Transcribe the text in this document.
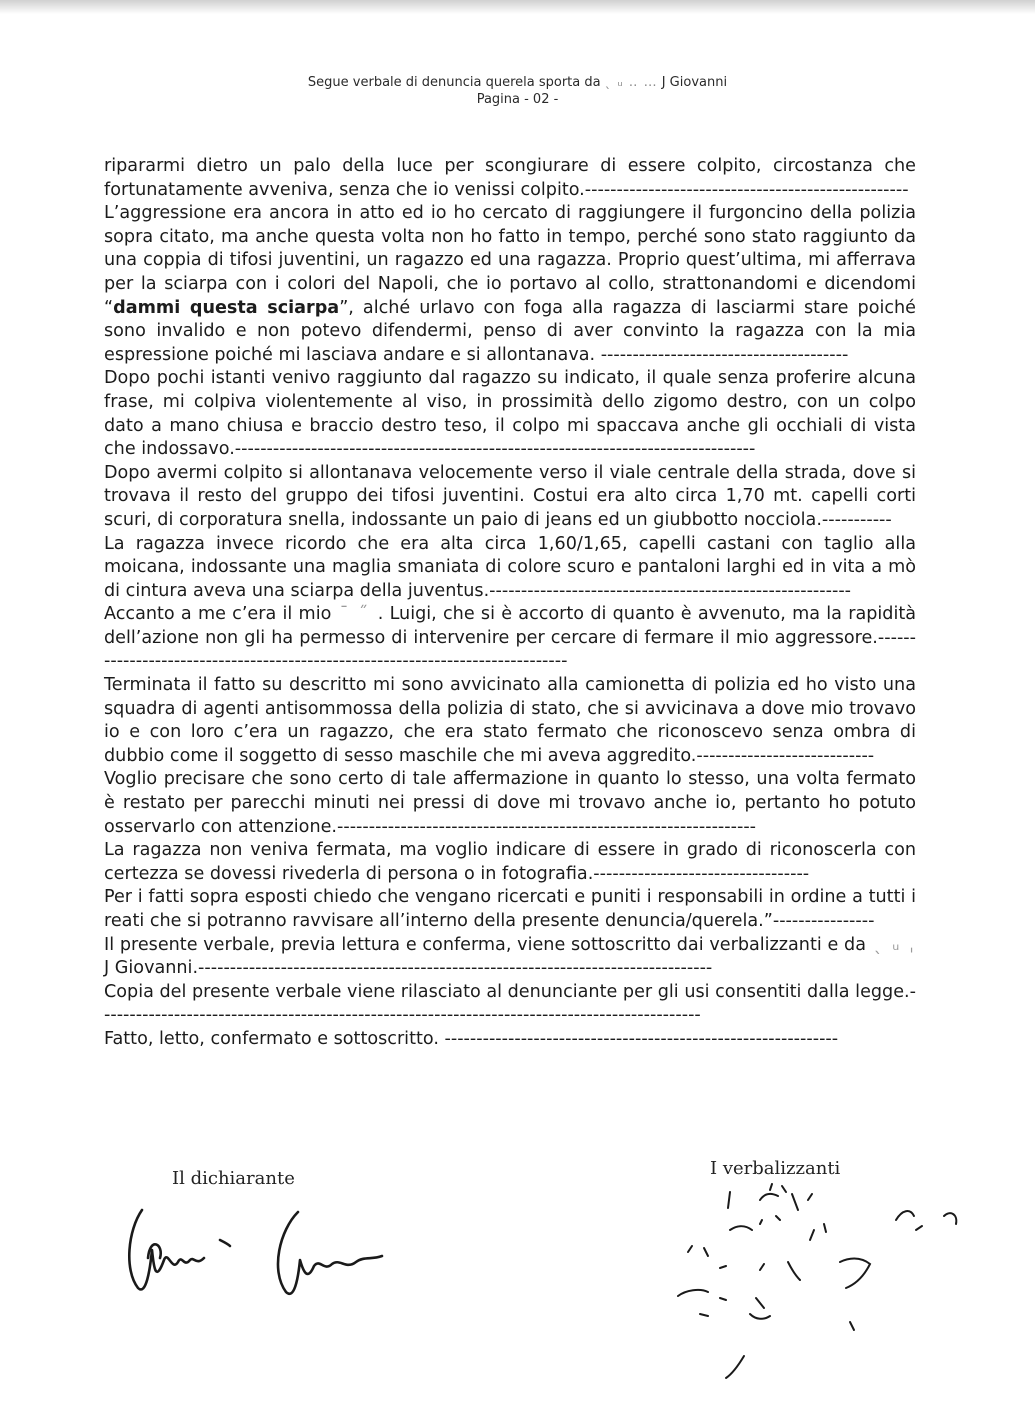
Segue verbale di denuncia querela sporta da ˎ ᵤ ‥ … J Giovanni
Pagina - 02 -

ripararmi dietro un palo della luce per scongiurare di essere colpito, circostanza che fortunatamente avveniva, senza che io venissi colpito.---------------------------------------------------

L’aggressione era ancora in atto ed io ho cercato di raggiungere il furgoncino della polizia sopra citato, ma anche questa volta non ho fatto in tempo, perché sono stato raggiunto da una coppia di tifosi juventini, un ragazzo ed una ragazza. Proprio quest’ultima, mi afferrava per la sciarpa con i colori del Napoli, che io portavo al collo, strattonandomi e dicendomi “dammi questa sciarpa”, alché urlavo con foga alla ragazza di lasciarmi stare poiché sono invalido e non potevo difendermi, penso di aver convinto la ragazza con la mia espressione poiché mi lasciava andare e si allontanava. ---------------------------------------

Dopo pochi istanti venivo raggiunto dal ragazzo su indicato, il quale senza proferire alcuna frase, mi colpiva violentemente al viso, in prossimità dello zigomo destro, con un colpo dato a mano chiusa e braccio destro teso, il colpo mi spaccava anche gli occhiali di vista che indossavo.----------------------------------------------------------------------------------

Dopo avermi colpito si allontanava velocemente verso il viale centrale della strada, dove si trovava il resto del gruppo dei tifosi juventini. Costui era alto circa 1,70 mt. capelli corti scuri, di corporatura snella, indossante un paio di jeans ed un giubbotto nocciola.-----------

La ragazza invece ricordo che era alta circa 1,60/1,65, capelli castani con taglio alla moicana, indossante una maglia smaniata di colore scuro e pantaloni larghi ed in vita a mò di cintura aveva una sciarpa della juventus.---------------------------------------------------------

Accanto a me c’era il mio ˉ ˝ . Luigi, che si è accorto di quanto è avvenuto, ma la rapidità dell’azione non gli ha permesso di intervenire per cercare di fermare il mio aggressore.-------------------------------------------------------------------------------

Terminata il fatto su descritto mi sono avvicinato alla camionetta di polizia ed ho visto una squadra di agenti antisommossa della polizia di stato, che si avvicinava a dove mio trovavo io e con loro c’era un ragazzo, che era stato fermato che riconoscevo senza ombra di dubbio come il soggetto di sesso maschile che mi aveva aggredito.----------------------------

Voglio precisare che sono certo di tale affermazione in quanto lo stesso, una volta fermato è restato per parecchi minuti nei pressi di dove mi trovavo anche io, pertanto ho potuto osservarlo con attenzione.------------------------------------------------------------------

La ragazza non veniva fermata, ma voglio indicare di essere in grado di riconoscerla con certezza se dovessi rivederla di persona o in fotografia.----------------------------------

Per i fatti sopra esposti chiedo che vengano ricercati e puniti i responsabili in ordine a tutti i reati che si potranno ravvisare all’interno della presente denuncia/querela.”----------------

Il presente verbale, previa lettura e conferma, viene sottoscritto dai verbalizzanti e da ˎ ᵤ ˌ J Giovanni.---------------------------------------------------------------------------------

Copia del presente verbale viene rilasciato al denunciante per gli usi consentiti dalla legge.-----------------------------------------------------------------------------------------------

Fatto, letto, confermato e sottoscritto. --------------------------------------------------------------

Il dichiarante	I verbalizzanti
